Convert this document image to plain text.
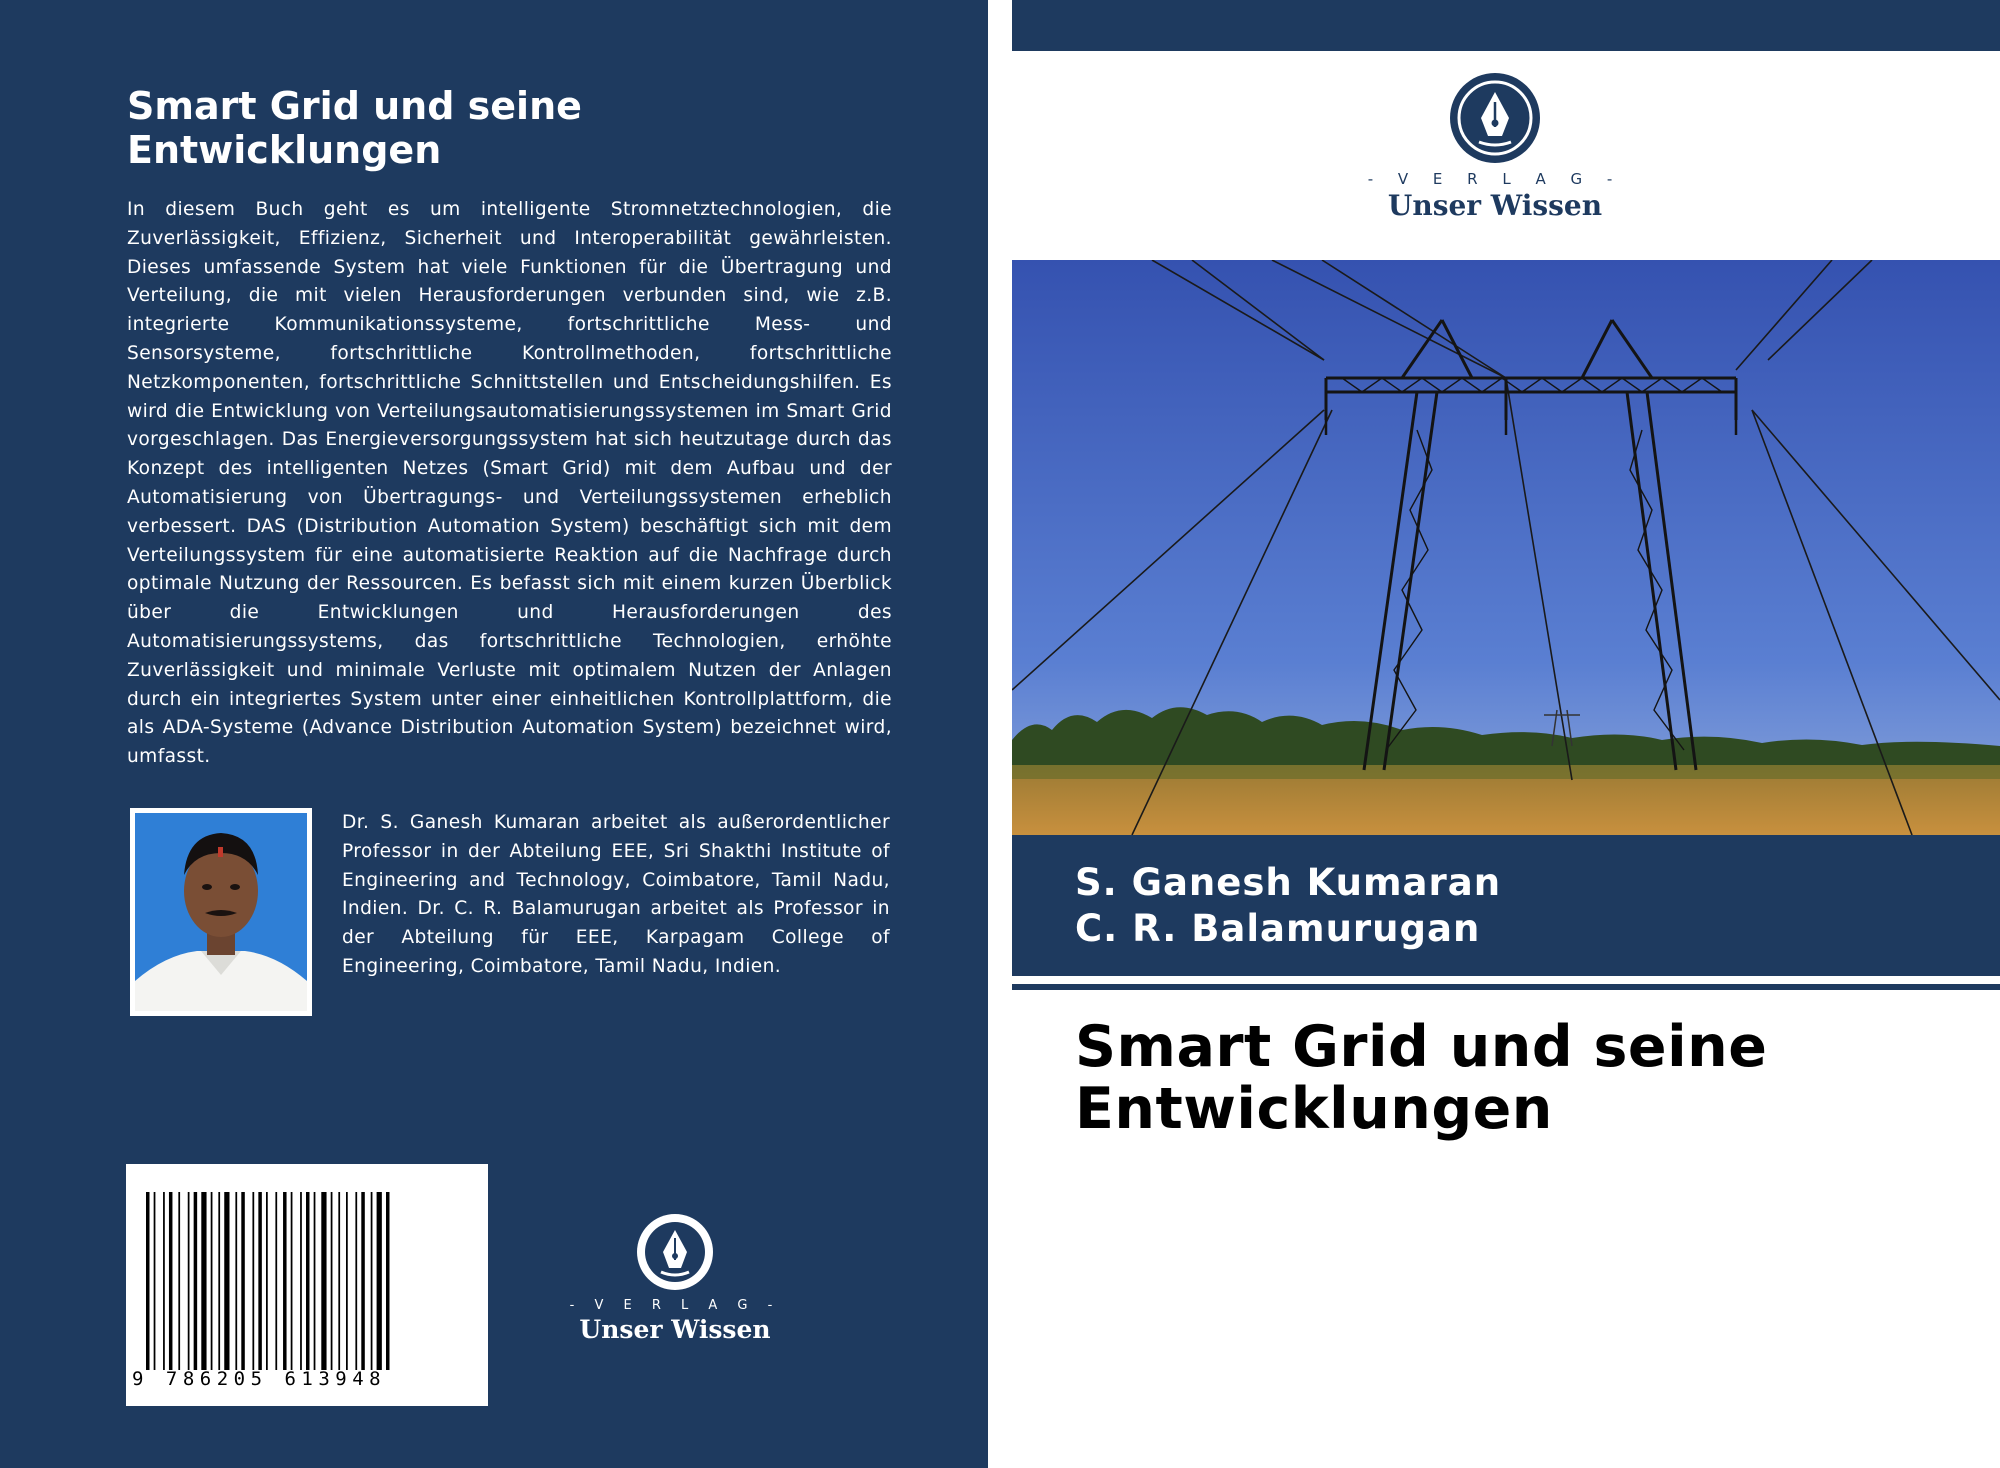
Smart Grid und seine
Entwicklungen

In diesem Buch geht es um intelligente Stromnetztechnologien, die Zuverlässigkeit, Effizienz, Sicherheit und Interoperabilität gewährleisten. Dieses umfassende System hat viele Funktionen für die Übertragung und Verteilung, die mit vielen Herausforderungen verbunden sind, wie z.B. integrierte Kommunikationssysteme, fortschrittliche Mess- und Sensorsysteme, fortschrittliche Kontrollmethoden, fortschrittliche Netzkomponenten, fortschrittliche Schnittstellen und Entscheidungshilfen. Es wird die Entwicklung von Verteilungsautomatisierungssystemen im Smart Grid vorgeschlagen. Das Energieversorgungssystem hat sich heutzutage durch das Konzept des intelligenten Netzes (Smart Grid) mit dem Aufbau und der Automatisierung von Übertragungs- und Verteilungssystemen erheblich verbessert. DAS (Distribution Automation System) beschäftigt sich mit dem Verteilungssystem für eine automatisierte Reaktion auf die Nachfrage durch optimale Nutzung der Ressourcen. Es befasst sich mit einem kurzen Überblick über die Entwicklungen und Herausforderungen des Automatisierungssystems, das fortschrittliche Technologien, erhöhte Zuverlässigkeit und minimale Verluste mit optimalem Nutzen der Anlagen durch ein integriertes System unter einer einheitlichen Kontrollplattform, die als ADA-Systeme (Advance Distribution Automation System) bezeichnet wird, umfasst.

Dr. S. Ganesh Kumaran arbeitet als außerordentlicher Professor in der Abteilung EEE, Sri Shakthi Institute of Engineering and Technology, Coimbatore, Tamil Nadu, Indien. Dr. C. R. Balamurugan arbeitet als Professor in der Abteilung für EEE, Karpagam College of Engineering, Coimbatore, Tamil Nadu, Indien.

9 786205 613948
- V E R L A G -
Unser Wissen
- V E R L A G -
Unser Wissen
S. Ganesh Kumaran
C. R. Balamurugan
Smart Grid und seine
Entwicklungen
